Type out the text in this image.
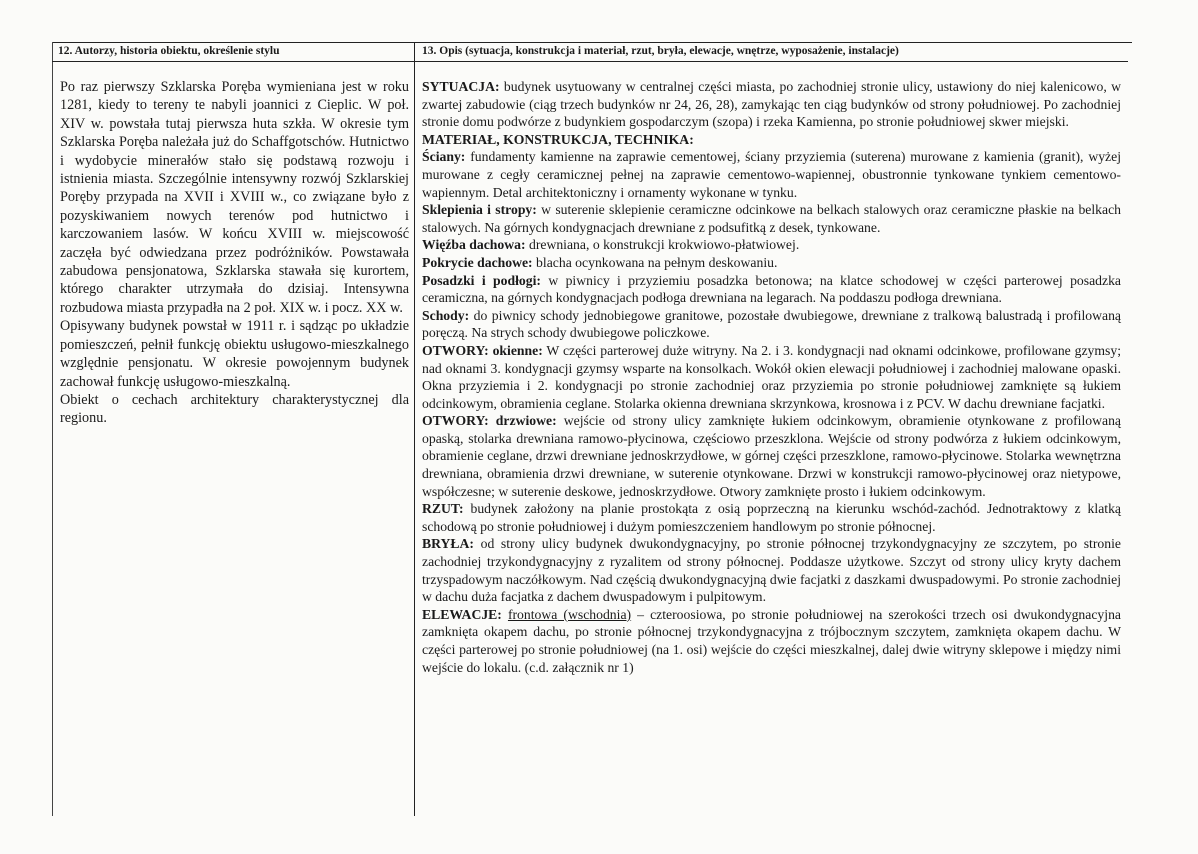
12. Autorzy, historia obiektu, określenie stylu	13. Opis (sytuacja, konstrukcja i materiał, rzut, bryła, elewacje, wnętrze, wyposażenie, instalacje)

Po raz pierwszy Szklarska Poręba wymieniana jest w roku 1281, kiedy to tereny te nabyli joannici z Cieplic. W poł. XIV w. powstała tutaj pierwsza huta szkła. W okresie tym Szklarska Poręba należała już do Schaffgotschów. Hutnictwo i wydobycie minerałów stało się podstawą rozwoju i istnienia miasta. Szczególnie intensywny rozwój Szklarskiej Poręby przypada na XVII i XVIII w., co związane było z pozyskiwaniem nowych terenów pod hutnictwo i karczowaniem lasów. W końcu XVIII w. miejscowość zaczęła być odwiedzana przez podróżników. Powstawała zabudowa pensjonatowa, Szklarska stawała się kurortem, którego charakter utrzymała do dzisiaj. Intensywna rozbudowa miasta przypadła na 2 poł. XIX w. i pocz. XX w.

Opisywany budynek powstał w 1911 r. i sądząc po układzie pomieszczeń, pełnił funkcję obiektu usługowo-mieszkalnego względnie pensjonatu. W okresie powojennym budynek zachował funkcję usługowo-mieszkalną.

Obiekt o cechach architektury charakterystycznej dla regionu.

SYTUACJA: budynek usytuowany w centralnej części miasta, po zachodniej stronie ulicy, ustawiony do niej kalenicowo, w zwartej zabudowie (ciąg trzech budynków nr 24, 26, 28), zamykając ten ciąg budynków od strony południowej. Po zachodniej stronie domu podwórze z budynkiem gospodarczym (szopa) i rzeka Kamienna, po stronie południowej skwer miejski.

MATERIAŁ, KONSTRUKCJA, TECHNIKA:

Ściany: fundamenty kamienne na zaprawie cementowej, ściany przyziemia (suterena) murowane z kamienia (granit), wyżej murowane z cegły ceramicznej pełnej na zaprawie cementowo-wapiennej, obustronnie tynkowane tynkiem cementowo-wapiennym. Detal architektoniczny i ornamenty wykonane w tynku.

Sklepienia i stropy: w suterenie sklepienie ceramiczne odcinkowe na belkach stalowych oraz ceramiczne płaskie na belkach stalowych. Na górnych kondygnacjach drewniane z podsufitką z desek, tynkowane.

Więźba dachowa: drewniana, o konstrukcji krokwiowo-płatwiowej.

Pokrycie dachowe: blacha ocynkowana na pełnym deskowaniu.

Posadzki i podłogi: w piwnicy i przyziemiu posadzka betonowa; na klatce schodowej w części parterowej posadzka ceramiczna, na górnych kondygnacjach podłoga drewniana na legarach. Na poddaszu podłoga drewniana.

Schody: do piwnicy schody jednobiegowe granitowe, pozostałe dwubiegowe, drewniane z tralkową balustradą i profilowaną poręczą. Na strych schody dwubiegowe policzkowe.

OTWORY: okienne: W części parterowej duże witryny. Na 2. i 3. kondygnacji nad oknami odcinkowe, profilowane gzymsy; nad oknami 3. kondygnacji gzymsy wsparte na konsolkach. Wokół okien elewacji południowej i zachodniej malowane opaski. Okna przyziemia i 2. kondygnacji po stronie zachodniej oraz przyziemia po stronie południowej zamknięte są łukiem odcinkowym, obramienia ceglane. Stolarka okienna drewniana skrzynkowa, krosnowa i z PCV. W dachu drewniane facjatki.

OTWORY: drzwiowe: wejście od strony ulicy zamknięte łukiem odcinkowym, obramienie otynkowane z profilowaną opaską, stolarka drewniana ramowo-płycinowa, częściowo przeszklona. Wejście od strony podwórza z łukiem odcinkowym, obramienie ceglane, drzwi drewniane jednoskrzydłowe, w górnej części przeszklone, ramowo-płycinowe. Stolarka wewnętrzna drewniana, obramienia drzwi drewniane, w suterenie otynkowane. Drzwi w konstrukcji ramowo-płycinowej oraz nietypowe, współczesne; w suterenie deskowe, jednoskrzydłowe. Otwory zamknięte prosto i łukiem odcinkowym.

RZUT: budynek założony na planie prostokąta z osią poprzeczną na kierunku wschód-zachód. Jednotraktowy z klatką schodową po stronie południowej i dużym pomieszczeniem handlowym po stronie północnej.

BRYŁA: od strony ulicy budynek dwukondygnacyjny, po stronie północnej trzykondygnacyjny ze szczytem, po stronie zachodniej trzykondygnacyjny z ryzalitem od strony północnej. Poddasze użytkowe. Szczyt od strony ulicy kryty dachem trzyspadowym naczółkowym. Nad częścią dwukondygnacyjną dwie facjatki z daszkami dwuspadowymi. Po stronie zachodniej w dachu duża facjatka z dachem dwuspadowym i pulpitowym.

ELEWACJE: frontowa (wschodnia) – czteroosiowa, po stronie południowej na szerokości trzech osi dwukondygnacyjna zamknięta okapem dachu, po stronie północnej trzykondygnacyjna z trójbocznym szczytem, zamknięta okapem dachu. W części parterowej po stronie południowej (na 1. osi) wejście do części mieszkalnej, dalej dwie witryny sklepowe i między nimi wejście do lokalu. (c.d. załącznik nr 1)
